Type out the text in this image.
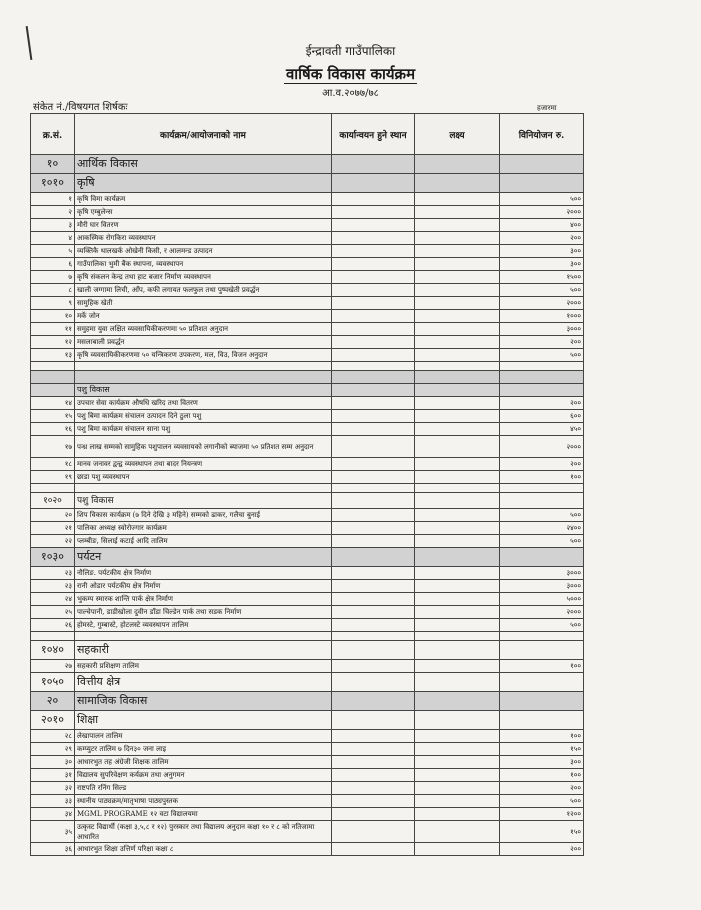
ईन्द्रावती गाउँपालिका
वार्षिक विकास कार्यक्रम
आ.व.२०७७/७८
संकेत नं./विषयगत शिर्षकः	हजारमा
क्र.सं.	कार्यक्रम/आयोजनाको नाम	कार्यान्वयन हुने स्थान	लक्ष्य	विनियोजन रु.
१०	आर्थिक विकास			
१०१०	कृषि			
१	कृषि विमा कार्यक्रम			५००
२	कृषि एम्बुलेन्स			२०००
३	मौरी घार वितरण			४००
४	आकस्मिक रोगकिरा व्यवस्थापन			२००
५	व्यक्तिकै थालखर्क ओखेनी किसी, र आलमन्ड उत्पादन			३००
६	गाउँपालिका भुमी बैंक स्थापना, व्यवस्थापन			३००
७	कृषि संकलन केन्द्र तथा हाट बजार निर्माण व्यवस्थापन			१५००
८	खाली जग्गामा लिची, आँप, कफी लगायत फलफुल तथा पुष्पखेती प्रवर्द्धन			५००
९	सामुहिक खेती			२०००
१०	मर्के जोन			१०००
११	समुहमा युवा लक्षित व्यवसायिकीकरणमा ५० प्रतिशत अनुदान			३०००
१२	मसलाबाली प्रवर्द्धन			२००
१३	कृषि व्यवसायिकीकरणमा ५० यन्त्रिकरण उपकरण, मल, विउ, विजन अनुदान			५००

	पशु विकास			
१४	उपचार सेवा कार्यक्रम औषधि खरिद तथा वितरण			२००
१५	पशु बिमा कार्यक्रम संचालन उत्पादन दिने ठुला पशु			६००
१६	पशु बिमा कार्यक्रम संचालन साना पशु			४५०
१७	पन्ध्र लाख सम्मको सामुहिक पशुपालन व्यवसायको लगानीको ब्याजमा ५० प्रतिशत सम्म अनुदान			२०००
१८	मानव जनावर द्वन्द्व व्यवस्थापन तथा बादर नियन्त्रण			२००
१९	छाडा पशु व्यवस्थापन			१००

१०२०	पशु विकास			
२०	शिप विकास कार्यक्रम (७ दिने देखि ३ महिने) सम्मको ढाकर, गलैचा बुनाई			५००
२१	पालिका अध्यक्ष स्वोरोज्गार कार्यक्रम			२४००
२२	प्लम्बीङ, सिलाई कटाई आदि तालिम			५००
१०३०	पर्यटन			
२३	नौलिङ. पर्यटकीय क्षेत्र निर्माण			३०००
२३	रानी ओडार पर्यटकीय क्षेत्र निर्माण			३०००
२४	भुकम्प स्मारक शान्ति पार्क क्षेत्र निर्माण			५०००
२५	पाल्चेपानी, डाडीखोला दुवीन डाँडा चिल्डेन पार्क तथा सडक निर्माण			२०००
२६	होमस्टे, गुम्बास्टे, होटलस्टे व्यवस्थापन तालिम			५००

१०४०	सहकारी			
२७	सहकारी प्रशिक्षण तालिम			१००
१०५०	वित्तीय क्षेत्र			
२०	सामाजिक विकास			
२०१०	शिक्षा			
२८	लेखापालन तालिम			१००
२९	कम्प्युटर तालिम ७ दिन३० जना लाइ			१५०
३०	आधारभुत तह अंग्रेजी शिक्षक तालिम			३००
३१	विद्यालय सुपरिवेक्षण कर्यक्रम तथा अनुगमन			१००
३२	राष्टपति रनिंग सिल्ड			२००
३३	स्थानीय पाठ्यक्रम/मातृभाषा पाठ्यपुस्तक			५००
३४	MGML PROGRAME १२ वटा विद्यालयमा			१२००
३५	उत्कृस्ट विद्यार्थी (कक्षा ३,५,८ र १२) पुरस्कार तथा विद्यालय अनुदान कक्षा १० र ८ को नतिजामा आधारित			१५०
३६	आधारभुत शिक्षा उत्तिर्ण परिक्षा कक्षा ८			२००
